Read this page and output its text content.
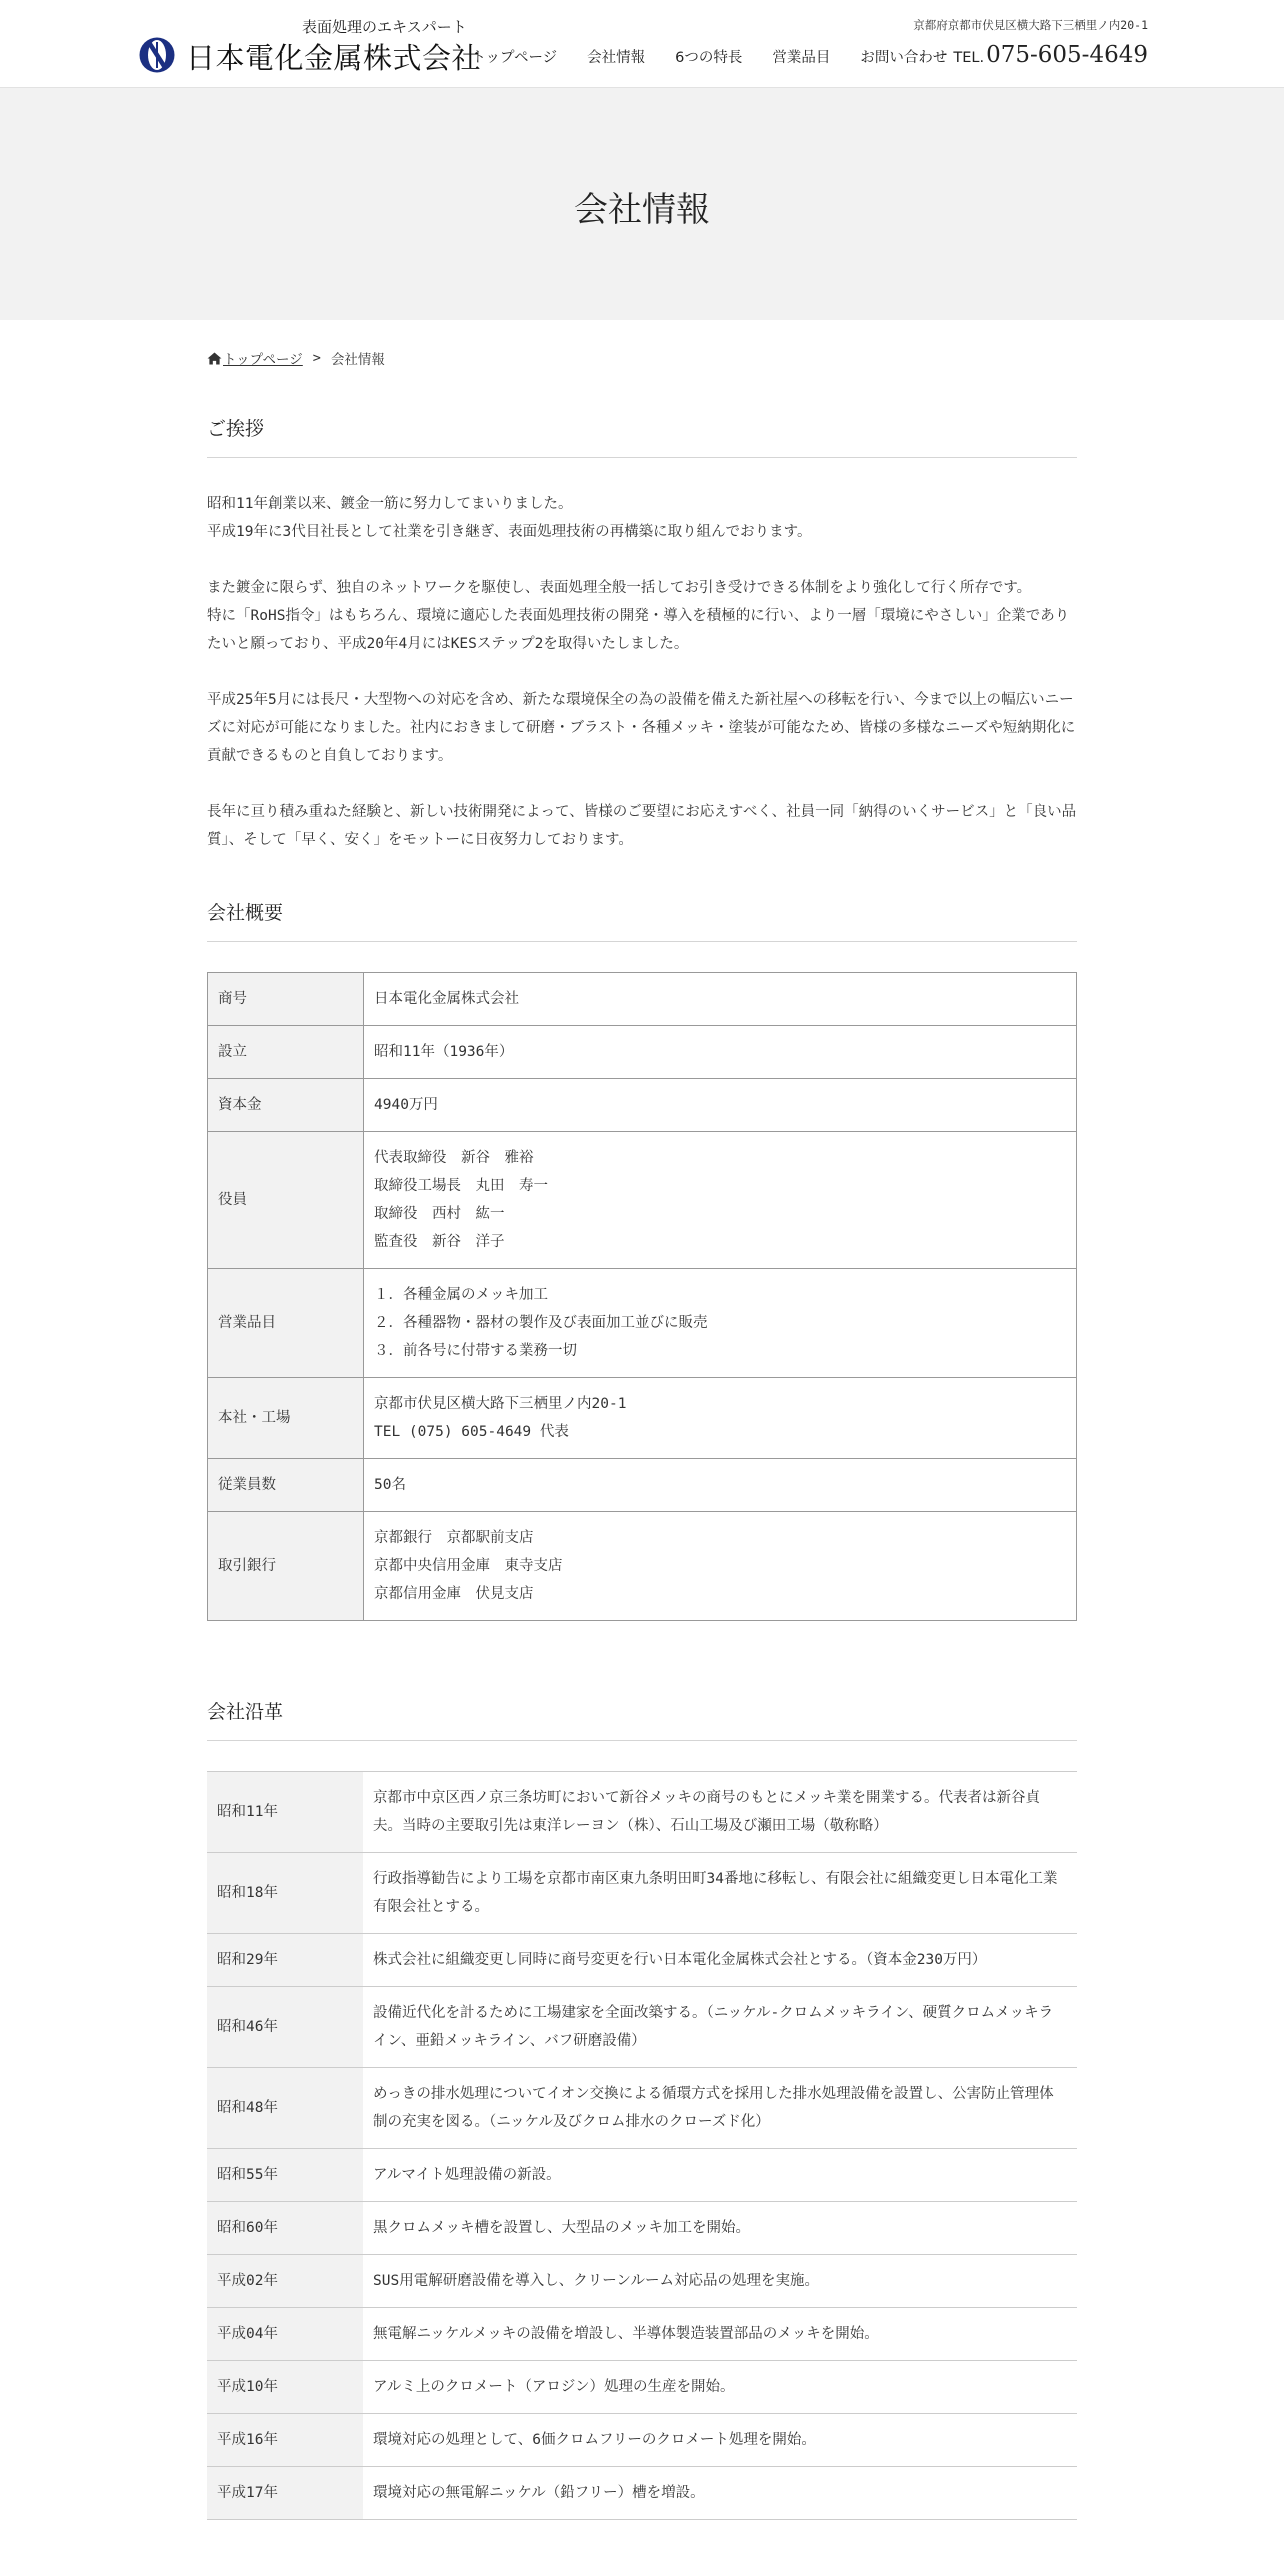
表面処理のエキスパート
日本電化金属株式会社
京都府京都市伏見区横大路下三栖里ノ内20-1
トップページ 会社情報 6つの特長 営業品目 お問い合わせ TEL. 075-605-4649
会社情報
トップページ > 会社情報
ご挨拶

昭和11年創業以来、鍍金一筋に努力してまいりました。
平成19年に3代目社長として社業を引き継ぎ、表面処理技術の再構築に取り組んでおります。

また鍍金に限らず、独自のネットワークを駆使し、表面処理全般一括してお引き受けできる体制をより強化して行く所存です。
特に「RoHS指令」はもちろん、環境に適応した表面処理技術の開発・導入を積極的に行い、より一層「環境にやさしい」企業でありたいと願っており、平成20年4月にはKESステップ2を取得いたしました。

平成25年5月には長尺・大型物への対応を含め、新たな環境保全の為の設備を備えた新社屋への移転を行い、今まで以上の幅広いニーズに対応が可能になりました。社内におきまして研磨・ブラスト・各種メッキ・塗装が可能なため、皆様の多様なニーズや短納期化に貢献できるものと自負しております。

長年に亘り積み重ねた経験と、新しい技術開発によって、皆様のご要望にお応えすべく、社員一同「納得のいくサービス」と「良い品質」、そして「早く、安く」をモットーに日夜努力しております。

会社概要
商号	日本電化金属株式会社
設立	昭和11年（1936年）
資本金	4940万円
役員	代表取締役　新谷　雅裕
取締役工場長　丸田　寿一
取締役　西村　紘一
監査役　新谷　洋子
営業品目	１．各種金属のメッキ加工
２．各種器物・器材の製作及び表面加工並びに販売
３．前各号に付帯する業務一切
本社・工場	京都市伏見区横大路下三栖里ノ内20-1
TEL (075) 605-4649 代表
従業員数	50名
取引銀行	京都銀行　京都駅前支店
京都中央信用金庫　東寺支店
京都信用金庫　伏見支店
会社沿革
昭和11年	京都市中京区西ノ京三条坊町において新谷メッキの商号のもとにメッキ業を開業する。代表者は新谷貞夫。当時の主要取引先は東洋レーヨン（株）、石山工場及び瀬田工場（敬称略）
昭和18年	行政指導勧告により工場を京都市南区東九条明田町34番地に移転し、有限会社に組織変更し日本電化工業有限会社とする。
昭和29年	株式会社に組織変更し同時に商号変更を行い日本電化金属株式会社とする。（資本金230万円）
昭和46年	設備近代化を計るために工場建家を全面改築する。（ニッケル-クロムメッキライン、硬質クロムメッキライン、亜鉛メッキライン、バフ研磨設備）
昭和48年	めっきの排水処理についてイオン交換による循環方式を採用した排水処理設備を設置し、公害防止管理体制の充実を図る。（ニッケル及びクロム排水のクローズド化）
昭和55年	アルマイト処理設備の新設。
昭和60年	黒クロムメッキ槽を設置し、大型品のメッキ加工を開始。
平成02年	SUS用電解研磨設備を導入し、クリーンルーム対応品の処理を実施。
平成04年	無電解ニッケルメッキの設備を増設し、半導体製造装置部品のメッキを開始。
平成10年	アルミ上のクロメート（アロジン）処理の生産を開始。
平成16年	環境対応の処理として、6価クロムフリーのクロメート処理を開始。
平成17年	環境対応の無電解ニッケル（鉛フリー）槽を増設。
